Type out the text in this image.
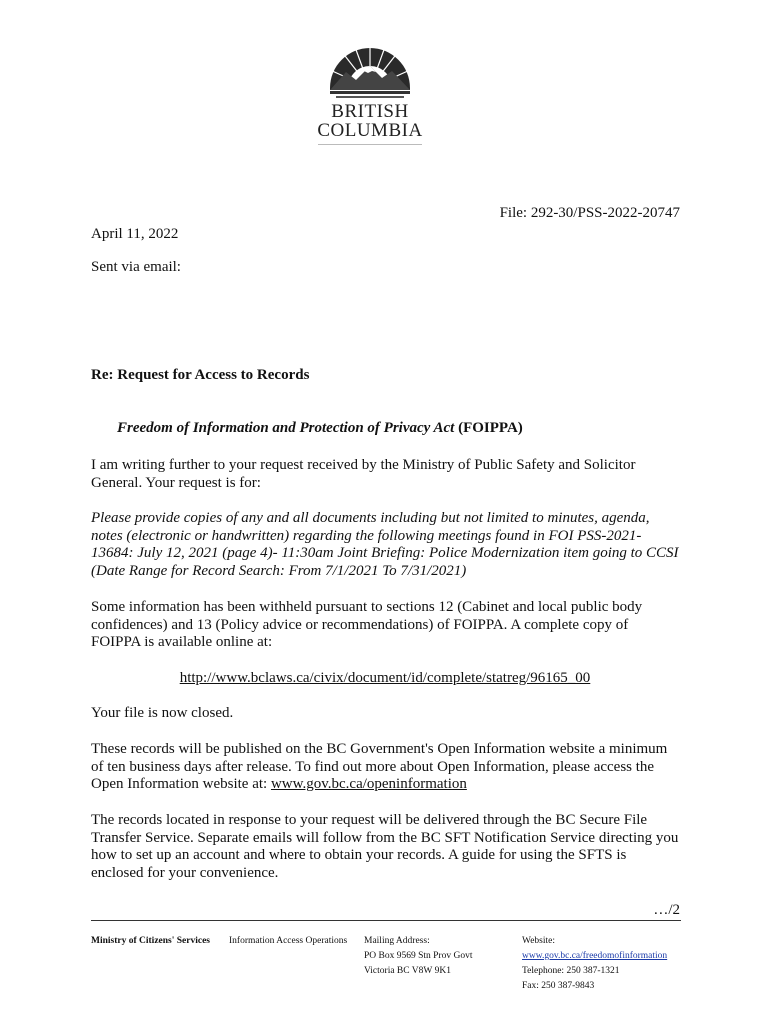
BRITISH
COLUMBIA
File: 292-30/PSS-2022-20747
April 11, 2022
Sent via email:
Re: Request for Access to Records
Freedom of Information and Protection of Privacy Act (FOIPPA)
I am writing further to your request received by the Ministry of Public Safety and Solicitor General. Your request is for:
Please provide copies of any and all documents including but not limited to minutes, agenda, notes (electronic or handwritten) regarding the following meetings found in FOI PSS-2021-13684: July 12, 2021 (page 4)- 11:30am Joint Briefing: Police Modernization item going to CCSI (Date Range for Record Search: From 7/1/2021 To 7/31/2021)
Some information has been withheld pursuant to sections 12 (Cabinet and local public body confidences) and 13 (Policy advice or recommendations) of FOIPPA. A complete copy of FOIPPA is available online at:
http://www.bclaws.ca/civix/document/id/complete/statreg/96165_00
Your file is now closed.
These records will be published on the BC Government's Open Information website a minimum of ten business days after release. To find out more about Open Information, please access the Open Information website at: www.gov.bc.ca/openinformation
The records located in response to your request will be delivered through the BC Secure File Transfer Service. Separate emails will follow from the BC SFT Notification Service directing you how to set up an account and where to obtain your records. A guide for using the SFTS is enclosed for your convenience.
…/2
Ministry of Citizens' Services Information Access Operations Mailing Address:
PO Box 9569 Stn Prov Govt
Victoria BC V8W 9K1
Website:
www.gov.bc.ca/freedomofinformation
Telephone: 250 387-1321
Fax: 250 387-9843
